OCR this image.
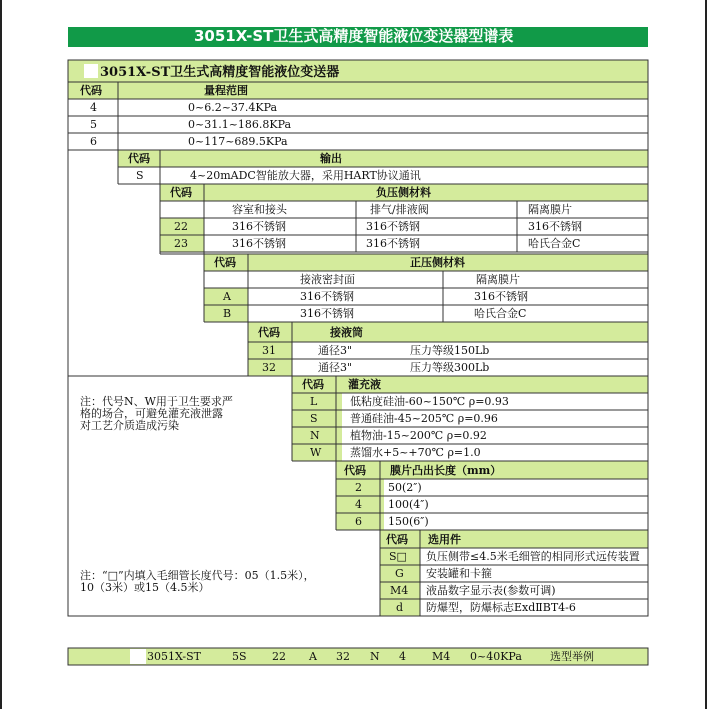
3051X-ST卫生式高精度智能液位变送器型谱表
3051X-ST卫生式高精度智能液位变送器
代码	量程范围
4	0~6.2~37.4KPa
5	0~31.1~186.8KPa
6	0~117~689.5KPa
代码	输出
S	4~20mADC智能放大器，采用HART协议通讯
代码	负压侧材料
容室和接头	排气/排液阀	隔离膜片
22	316不锈钢	316不锈钢	316不锈钢
23	316不锈钢	316不锈钢	哈氏合金C
代码	正压侧材料
接液密封面	隔离膜片
A	316不锈钢	316不锈钢
B	316不锈钢	哈氏合金C
代码	接液筒
31	通径3"	压力等级150Lb
32	通径3"	压力等级300Lb
注：代号N、W用于卫生要求严
格的场合，可避免灌充液泄露
对工艺介质造成污染
代码 灌充液
L	低粘度硅油-60~150℃ ρ=0.93
S	普通硅油-45~205℃ ρ=0.96
N	植物油-15~200℃ ρ=0.92
W	蒸馏水+5~+70℃ ρ=1.0
代码 膜片凸出长度（mm）
2 50(2″)
4 100(4″)
6 150(6″)
注：“□”内填入毛细管长度代号：05（1.5米），
10（3米）或15（4.5米）
代码 选用件
S□ 负压侧带≤4.5米毛细管的相同形式远传装置
G 安装罐和卡箍
M4 液晶数字显示表(参数可调)
d 防爆型，防爆标志ExdⅡBT4-6
3051X-ST	5S 22 A 32 N 4 M4 0~40KPa	选型举例
